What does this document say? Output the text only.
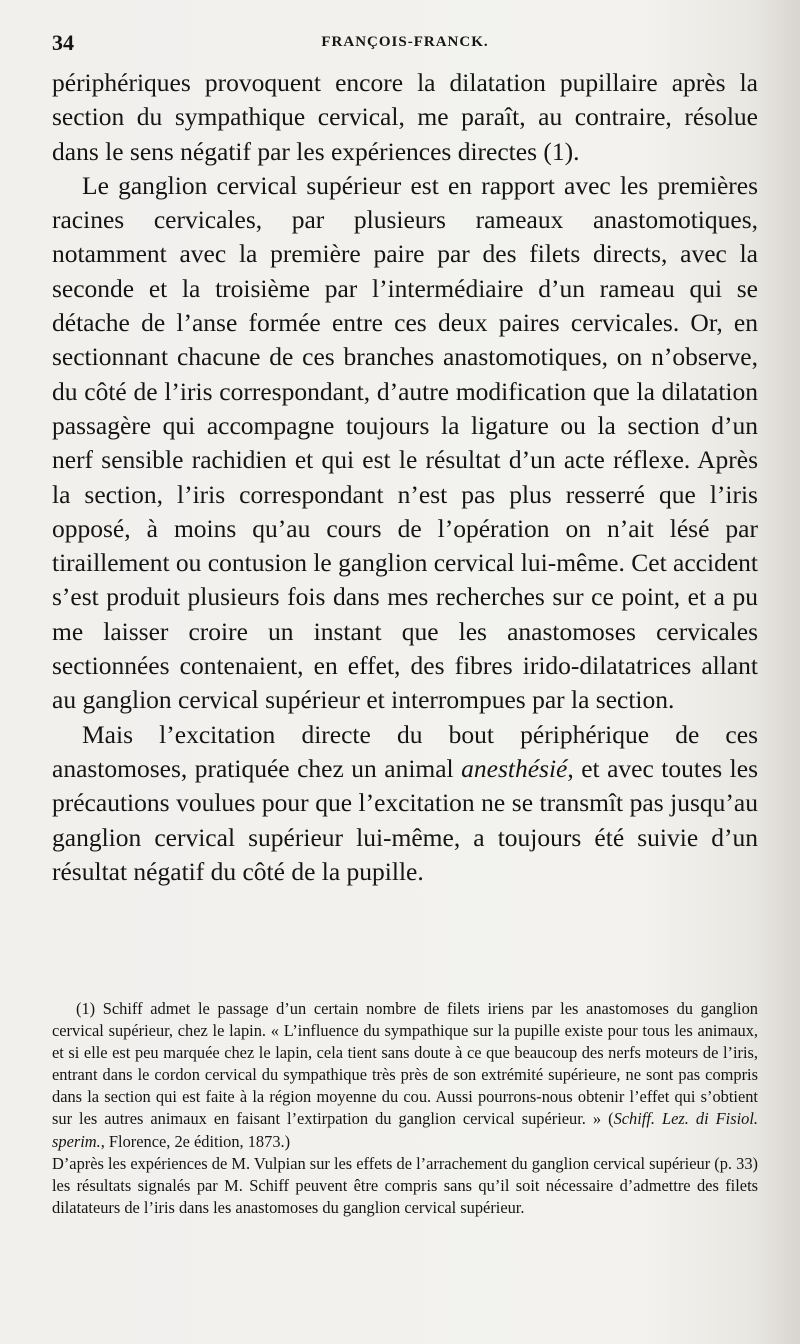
34	FRANÇOIS-FRANCK.

périphériques provoquent encore la dilatation pupillaire après la section du sympathique cervical, me paraît, au contraire, résolue dans le sens négatif par les expériences directes (1).

Le ganglion cervical supérieur est en rapport avec les premières racines cervicales, par plusieurs rameaux anastomotiques, notamment avec la première paire par des filets directs, avec la seconde et la troisième par l’intermédiaire d’un rameau qui se détache de l’anse formée entre ces deux paires cervicales. Or, en sectionnant chacune de ces branches anastomotiques, on n’observe, du côté de l’iris correspondant, d’autre modification que la dilatation passagère qui accompagne toujours la ligature ou la section d’un nerf sensible rachidien et qui est le résultat d’un acte réflexe. Après la section, l’iris correspondant n’est pas plus resserré que l’iris opposé, à moins qu’au cours de l’opération on n’ait lésé par tiraillement ou contusion le ganglion cervical lui-même. Cet accident s’est produit plusieurs fois dans mes recherches sur ce point, et a pu me laisser croire un instant que les anastomoses cervicales sectionnées contenaient, en effet, des fibres irido-dilatatrices allant au ganglion cervical supérieur et interrompues par la section.

Mais l’excitation directe du bout périphérique de ces anastomoses, pratiquée chez un animal anesthésié, et avec toutes les précautions voulues pour que l’excitation ne se transmît pas jusqu’au ganglion cervical supérieur lui-même, a toujours été suivie d’un résultat négatif du côté de la pupille.

(1) Schiff admet le passage d’un certain nombre de filets iriens par les anastomoses du ganglion cervical supérieur, chez le lapin. « L’influence du sympathique sur la pupille existe pour tous les animaux, et si elle est peu marquée chez le lapin, cela tient sans doute à ce que beaucoup des nerfs moteurs de l’iris, entrant dans le cordon cervical du sympathique très près de son extrémité supérieure, ne sont pas compris dans la section qui est faite à la région moyenne du cou. Aussi pourrons-nous obtenir l’effet qui s’obtient sur les autres animaux en faisant l’extirpation du ganglion cervical supérieur. » (Schiff. Lez. di Fisiol. sperim., Florence, 2e édition, 1873.)

D’après les expériences de M. Vulpian sur les effets de l’arrachement du ganglion cervical supérieur (p. 33) les résultats signalés par M. Schiff peuvent être compris sans qu’il soit nécessaire d’admettre des filets dilatateurs de l’iris dans les anastomoses du ganglion cervical supérieur.
